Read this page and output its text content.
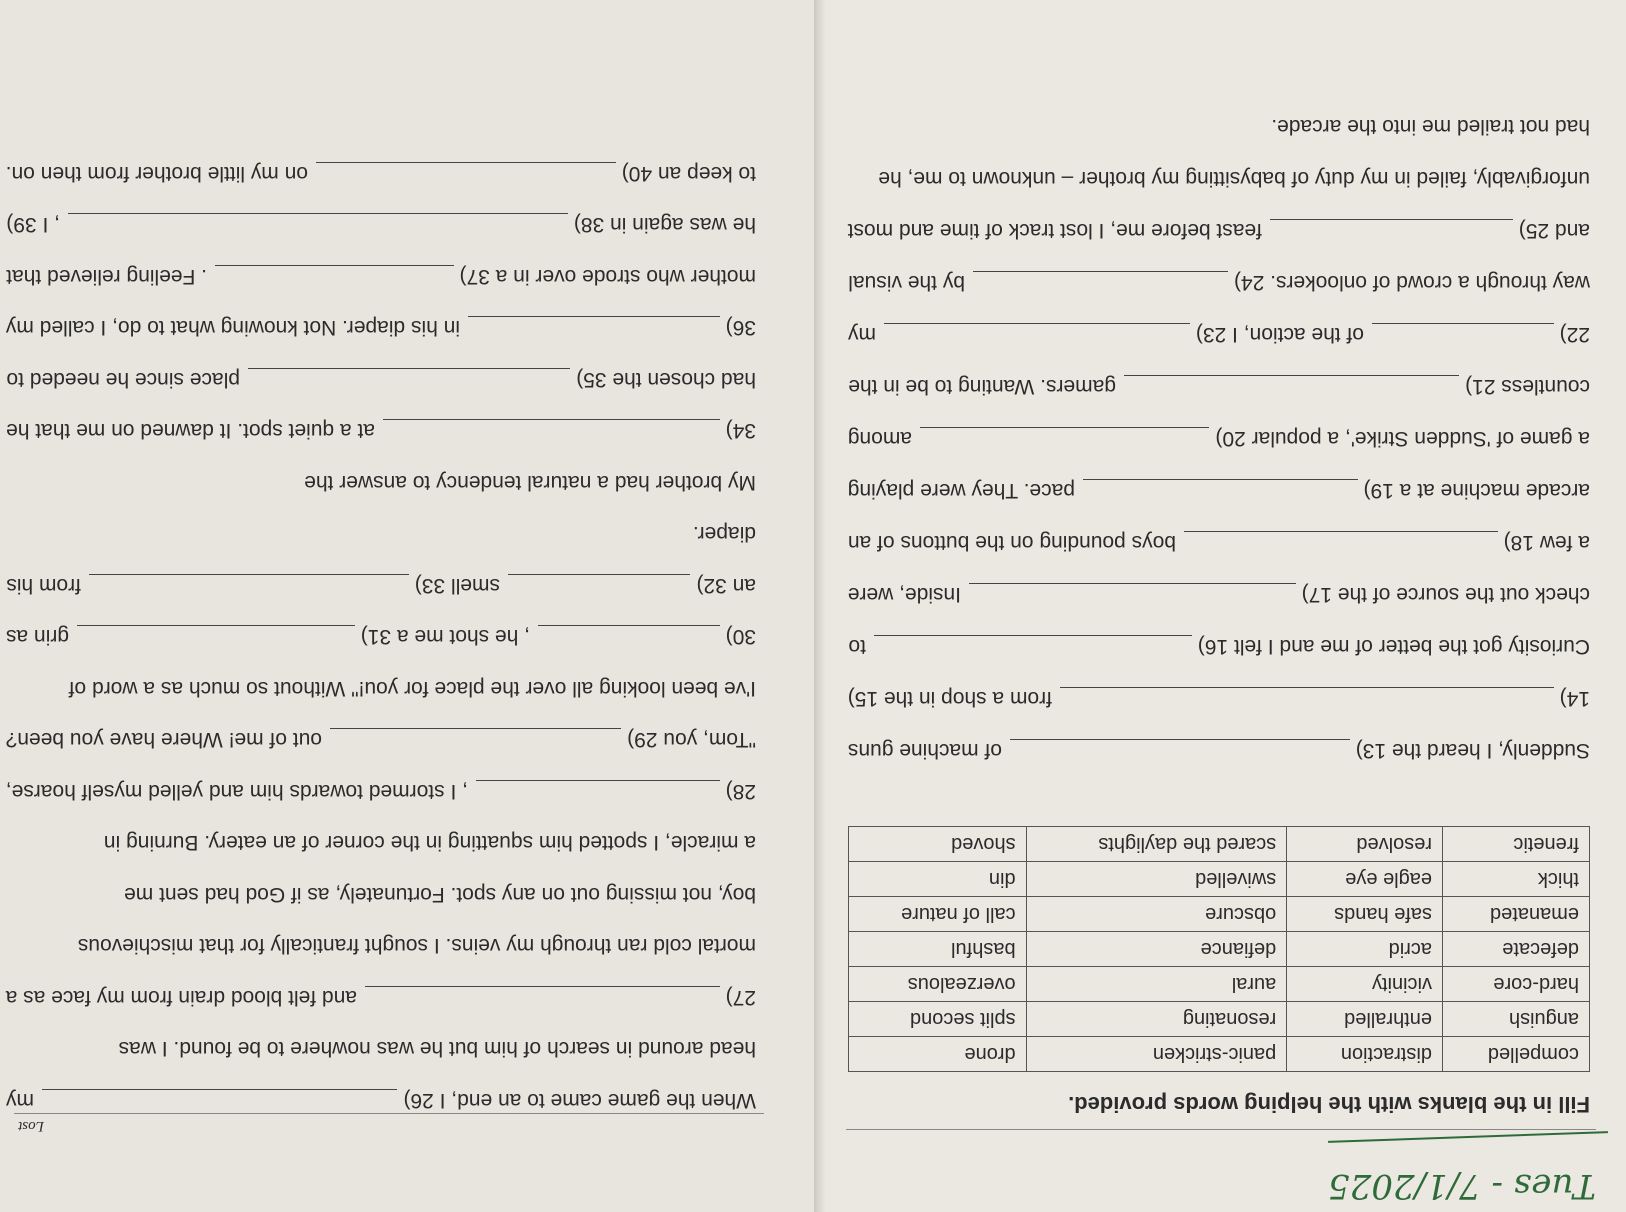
Tues - 7/1/2025
Fill in the blanks with the helping words provided.
compelled	distraction	panic-stricken	drone
anguish	enthralled	resonating	split second
hard-core	vicinity	aural	overzealous
defecate	acrid	defiance	bashful
emanated	safe hands	obscure	call of nature
thick	eagle eye	swivelled	din
frenetic	resolved	scared the daylights	shoved
Suddenly, I heard the 13)
of machine guns
14)
from a shop in the 15)
Curiosity got the better of me and I felt 16)
to
check out the source of the 17)
Inside, were
a few 18)
boys pounding on the buttons of an
arcade machine at a 19)
pace. They were playing
a game of 'Sudden Strike', a popular 20)
among
countless 21)
gamers. Wanting to be in the
22)
of the action, I 23)
my
way through a crowd of onlookers. 24)
by the visual
and 25)
feast before me, I lost track of time and most
unforgivably, failed in my duty of babysitting my brother – unknown to me, he
had not trailed me into the arcade.
Lost
When the game came to an end, I 26)
my
head around in search of him but he was nowhere to be found. I was
27)
and felt blood drain from my face as a
mortal cold ran through my veins. I sought frantically for that mischievous
boy, not missing out on any spot. Fortunately, as if God had sent me
a miracle, I spotted him squatting in the corner of an eatery. Burning in
28)
, I stormed towards him and yelled myself hoarse,
"Tom, you 29)
out of me! Where have you been?
I've been looking all over the place for you!" Without so much as a word of
30)
, he shot me a 31)
grin as
an 32)
smell 33)
from his
diaper.
My brother had a natural tendency to answer the
34)
at a quiet spot. It dawned on me that he
had chosen the 35)
place since he needed to
36)
in his diaper. Not knowing what to do, I called my
mother who strode over in a 37)
. Feeling relieved that
he was again in 38)
, I 39)
to keep an 40)
on my little brother from then on.
